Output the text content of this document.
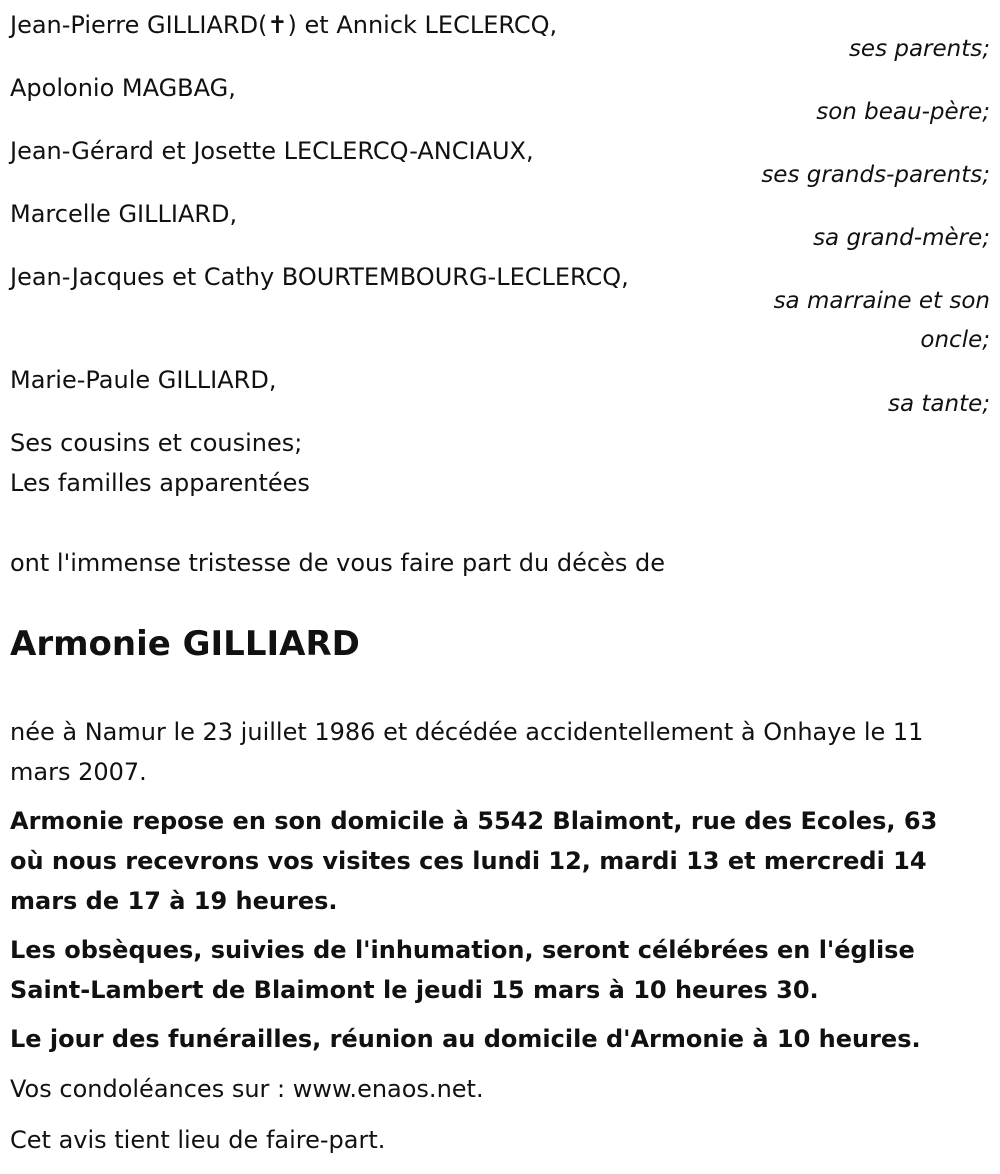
Jean-Pierre GILLIARD(✝) et Annick LECLERCQ,
ses parents;
Apolonio MAGBAG,
son beau-père;
Jean-Gérard et Josette LECLERCQ-ANCIAUX,
ses grands-parents;
Marcelle GILLIARD,
sa grand-mère;
Jean-Jacques et Cathy BOURTEMBOURG-LECLERCQ,
sa marraine et son oncle;
Marie-Paule GILLIARD,
sa tante;
Ses cousins et cousines;
Les familles apparentées
ont l'immense tristesse de vous faire part du décès de
Armonie GILLIARD
née à Namur le 23 juillet 1986 et décédée accidentellement à Onhaye le 11 mars 2007.
Armonie repose en son domicile à 5542 Blaimont, rue des Ecoles, 63 où nous recevrons vos visites ces lundi 12, mardi 13 et mercredi 14 mars de 17 à 19 heures.
Les obsèques, suivies de l'inhumation, seront célébrées en l'église Saint-Lambert de Blaimont le jeudi 15 mars à 10 heures 30.
Le jour des funérailles, réunion au domicile d'Armonie à 10 heures.
Vos condoléances sur : www.enaos.net.
Cet avis tient lieu de faire-part.
